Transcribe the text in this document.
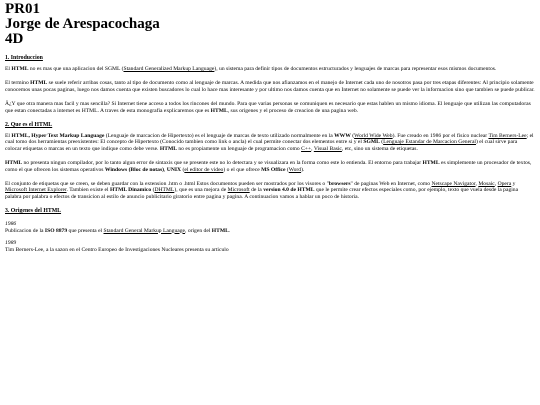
PR01
Jorge de Arespacochaga
4D
1. Introduccion

El HTML no es mas que una aplicacion del SGML (Standard Generalized Markup Language), un sistema para definir tipos de documentos estructurados y lenguajes de marcas para representar esos mismos documentos.

El termino HTML se suele referir arribas cosas, tanto al tipo de documento como al lenguaje de marcas. A medida que nos afianzamos en el manejo de Internet cada uno de nosotros pasa por tres etapas diferentes: Al principio solamente conocemos unas pocas paginas, luego nos damos cuenta que existen buscadores lo cual lo hace mas interesante y por ultimo nos damos cuenta que en Internet no solamente se puede ver la informacion sino que tambien se puede publicar.

Â¿Y que otra manera mas facil y mas sencilla? Si Internet tiene acceso a todos los rincones del mundo. Para que varias personas se comuniquen es necesario que estas hablen un mismo idioma. El lenguaje que utilizan las computadoras que estan conectadas a internet es HTML. A traves de esta monografia explicaremos que es HTML, sus origenes y el proceso de creacion de una pagina web.

2. Que es el HTML

El HTML, Hyper Text Markup Language (Lenguaje de marcacion de Hipertexto) es el lenguaje de marcas de texto utilizado normalmente en la WWW (World Wide Web). Fue creado en 1986 por el fisico nuclear Tim Berners-Lee; el cual tomo dos herramientas preexistentes: El concepto de Hipertexto (Conocido tambien como link o ancla) el cual permite conectar dos elementos entre si y el SGML (Lenguaje Estandar de Marcacion General) el cual sirve para colocar etiquetas o marcas en un texto que indique como debe verse. HTML no es propiamente un lenguaje de programacion como C++, Visual Basic, etc, sino un sistema de etiquetas.

HTML no presenta ningun compilador, por lo tanto algun error de sintaxis que se presente este no lo detectara y se visualizara en la forma como este lo entienda. El entorno para trabajar HTML es simplemente un procesador de textos, como el que ofrecen los sistemas operativos Windows (Bloc de notas), UNIX (el editor de video) o el que ofrece MS Office (Word).

El conjunto de etiquetas que se creen, se deben guardar con la extension .htm o .html Estos documentos pueden ser mostrados por los visores o "browsers" de paginas Web en Internet, como Netscape Navigator, Mosaic, Opera y Microsoft Internet Explorer. Tambien existe el HTML Dinamico (DHTML), que es una mejora de Microsoft de la version 4.0 de HTML que le permite crear efectos especiales como, por ejemplo, texto que vuela desde la pagina palabra por palabra o efectos de transicion al estilo de anuncio publicitario giratorio entre pagina y pagina. A continuacion vamos a hablar un poco de historia.

3. Origenes del HTML

1986
Publicacion de la ISO 8879 que presenta el Standard General Markup Language, origen del HTML.

1989
Tim Berners-Lee, a la sazon en el Centro Europeo de Investigaciones Nucleares presenta su articulo
